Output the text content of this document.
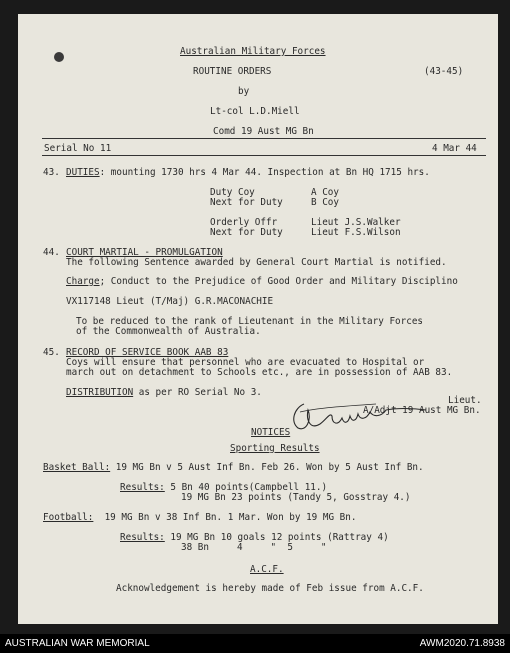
Australian Military Forces
ROUTINE ORDERS	(43-45)
by
Lt-col L.D.Miell
Comd 19 Aust MG Bn
Serial No 11	4 Mar 44
43. DUTIES: mounting 1730 hrs 4 Mar 44. Inspection at Bn HQ 1715 hrs.
Duty Coy	A Coy
Next for Duty	B Coy
Orderly Offr	Lieut J.S.Walker
Next for Duty	Lieut F.S.Wilson
44. COURT MARTIAL - PROMULGATION
The following Sentence awarded by General Court Martial is notified.
Charge; Conduct to the Prejudice of Good Order and Military Disciplino
VX117148 Lieut (T/Maj) G.R.MACONACHIE
To be reduced to the rank of Lieutenant in the Military Forces
of the Commonwealth of Australia.
45. RECORD OF SERVICE BOOK AAB 83
Coys will ensure that personnel who are evacuated to Hospital or
march out on detachment to Schools etc., are in possession of AAB 83.
DISTRIBUTION as per RO Serial No 3.
Lieut.
A/Adjt 19 Aust MG Bn.
NOTICES
Sporting Results
Basket Ball: 19 MG Bn v 5 Aust Inf Bn. Feb 26. Won by 5 Aust Inf Bn.
Results: 5 Bn 40 points(Campbell 11.)
19 MG Bn 23 points (Tandy 5, Gosstray 4.)
Football:  19 MG Bn v 38 Inf Bn. 1 Mar. Won by 19 MG Bn.
Results: 19 MG Bn 10 goals 12 points (Rattray 4)
38 Bn     4     "  5     "
A.C.F.
Acknowledgement is hereby made of Feb issue from A.C.F.
AUSTRALIAN WAR MEMORIAL	AWM2020.71.8938
